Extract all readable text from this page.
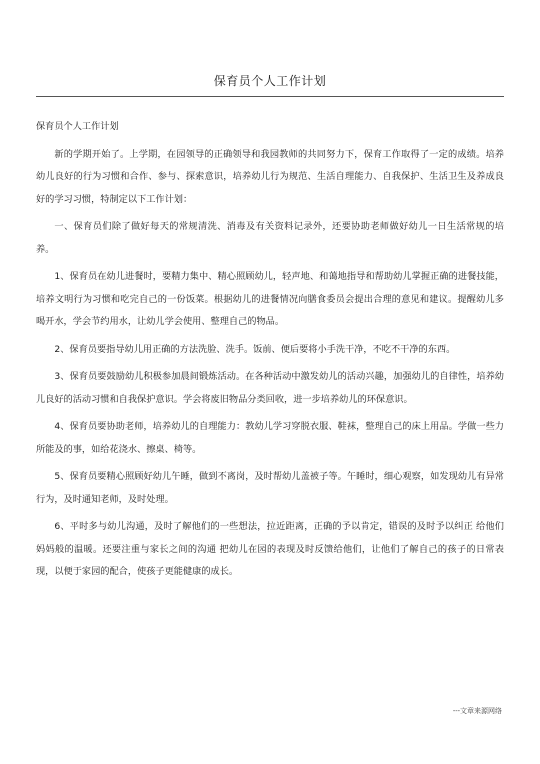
保育员个人工作计划

保育员个人工作计划

新的学期开始了。上学期，在园领导的正确领导和我园教师的共同努力下，保育工作取得了一定的成绩。培养幼儿良好的行为习惯和合作、参与、探索意识，培养幼儿行为规范、生活自理能力、自我保护、生活卫生及养成良好的学习习惯，特制定以下工作计划：

一、保育员们除了做好每天的常规清洗、消毒及有关资料记录外，还要协助老师做好幼儿一日生活常规的培养。

1、保育员在幼儿进餐时，要精力集中、精心照顾幼儿，轻声地、和蔼地指导和帮助幼儿掌握正确的进餐技能，培养文明行为习惯和吃完自己的一份饭菜。根据幼儿的进餐情况向膳食委员会提出合理的意见和建议。提醒幼儿多喝开水，学会节约用水，让幼儿学会使用、整理自己的物品。

2、保育员要指导幼儿用正确的方法洗脸、洗手。饭前、便后要将小手洗干净，不吃不干净的东西。

3、保育员要鼓励幼儿积极参加晨间锻炼活动。在各种活动中激发幼儿的活动兴趣，加强幼儿的自律性，培养幼儿良好的活动习惯和自我保护意识。学会将废旧物品分类回收，进一步培养幼儿的环保意识。

4、保育员要协助老师，培养幼儿的自理能力：教幼儿学习穿脱衣服、鞋袜，整理自己的床上用品。学做一些力所能及的事，如给花浇水、擦桌、椅等。

5、保育员要精心照顾好幼儿午睡，做到不离岗，及时帮幼儿盖被子等。午睡时，细心观察，如发现幼儿有异常行为，及时通知老师，及时处理。

6、平时多与幼儿沟通，及时了解他们的一些想法，拉近距离，正确的予以肯定，错误的及时予以纠正 给他们妈妈般的温暖。还要注重与家长之间的沟通 把幼儿在园的表现及时反馈给他们，让他们了解自己的孩子的日常表现，以便于家园的配合，使孩子更能健康的成长。

---文章来源网络
